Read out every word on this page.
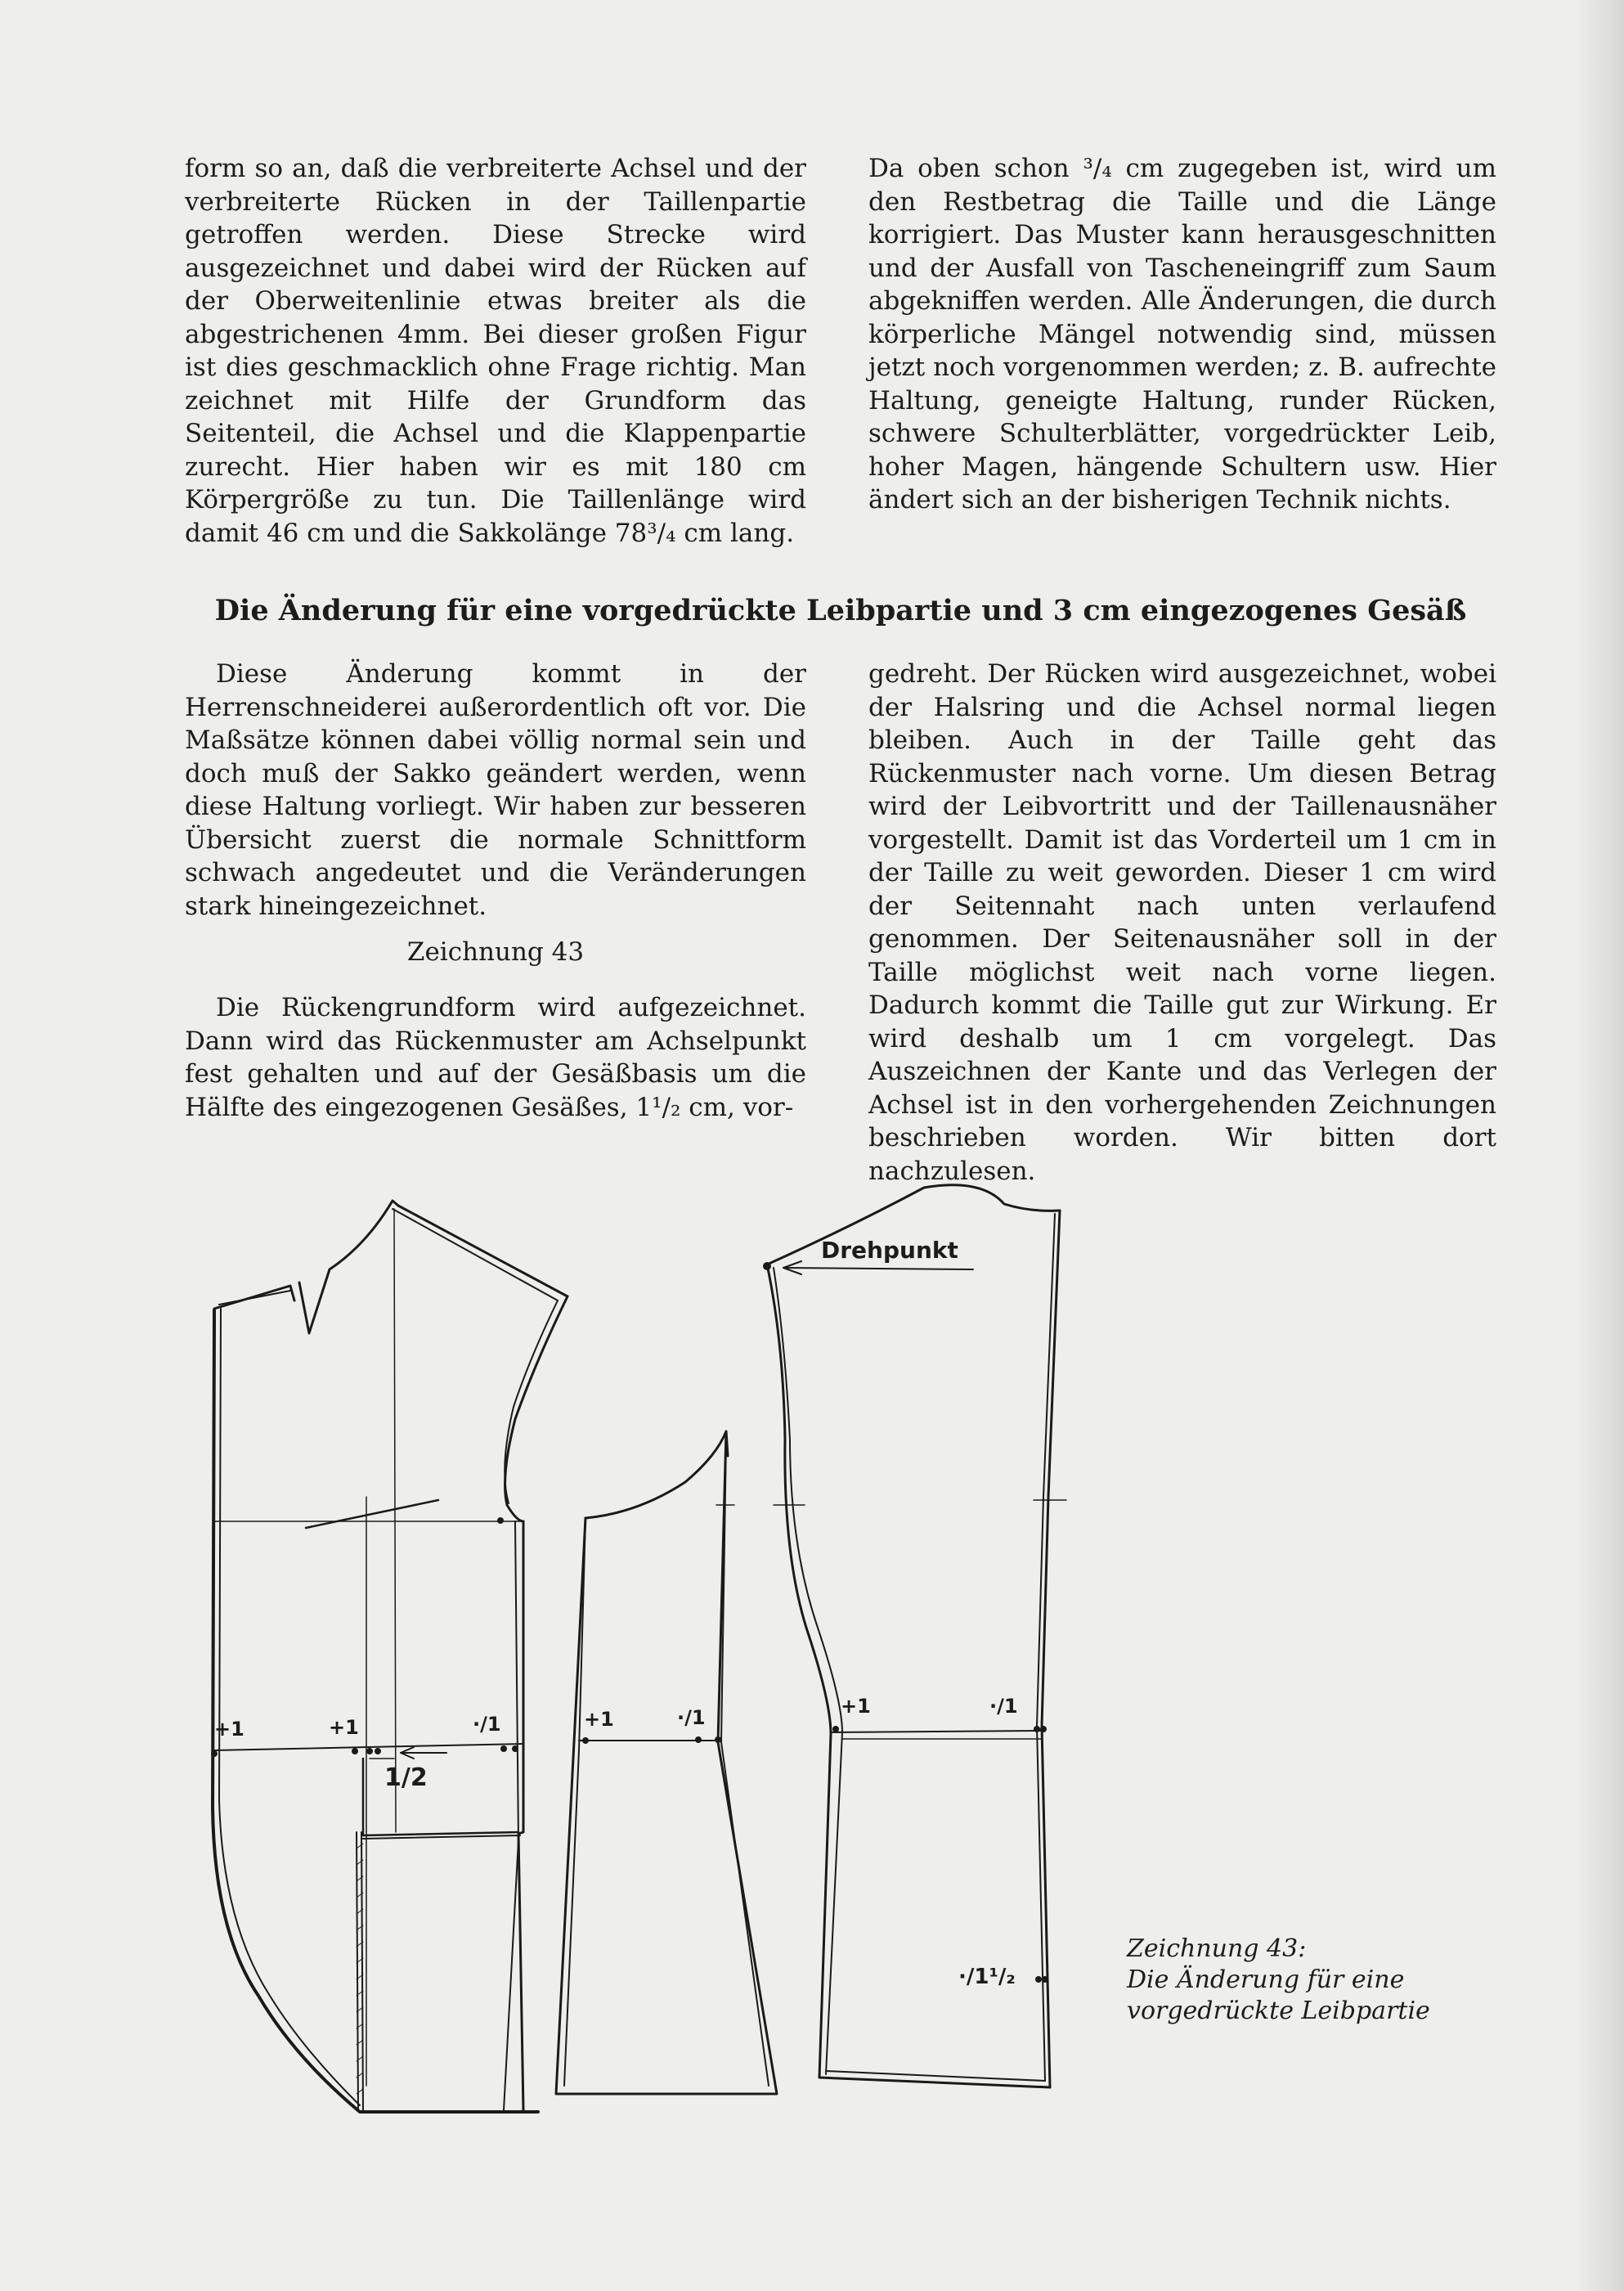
form so an, daß die verbreiterte Achsel und der verbreiterte Rücken in der Taillenpartie getroffen werden. Diese Strecke wird ausgezeichnet und dabei wird der Rücken auf der Oberweitenlinie etwas breiter als die abgestrichenen 4mm. Bei dieser großen Figur ist dies geschmacklich ohne Frage richtig. Man zeichnet mit Hilfe der Grundform das Seitenteil, die Achsel und die Klappenpartie zurecht. Hier haben wir es mit 180 cm Körpergröße zu tun. Die Taillenlänge wird damit 46 cm und die Sakkolänge 78³/₄ cm lang.

Da oben schon ³/₄ cm zugegeben ist, wird um den Restbetrag die Taille und die Länge korrigiert. Das Muster kann herausgeschnitten und der Ausfall von Tascheneingriff zum Saum abgekniffen werden. Alle Änderungen, die durch körperliche Mängel notwendig sind, müssen jetzt noch vorgenommen werden; z. B. aufrechte Haltung, geneigte Haltung, runder Rücken, schwere Schulterblätter, vorgedrückter Leib, hoher Magen, hängende Schultern usw. Hier ändert sich an der bisherigen Technik nichts.

Die Änderung für eine vorgedrückte Leibpartie und 3 cm eingezogenes Gesäß

Diese Änderung kommt in der Herrenschneiderei außerordentlich oft vor. Die Maßsätze können dabei völlig normal sein und doch muß der Sakko geändert werden, wenn diese Haltung vorliegt. Wir haben zur besseren Übersicht zuerst die normale Schnittform schwach angedeutet und die Veränderungen stark hineingezeichnet.

Zeichnung 43

Die Rückengrundform wird aufgezeichnet. Dann wird das Rückenmuster am Achselpunkt fest gehalten und auf der Gesäßbasis um die Hälfte des eingezogenen Gesäßes, 1¹/₂ cm, vor-

gedreht. Der Rücken wird ausgezeichnet, wobei der Halsring und die Achsel normal liegen bleiben. Auch in der Taille geht das Rückenmuster nach vorne. Um diesen Betrag wird der Leibvortritt und der Taillenausnäher vorgestellt. Damit ist das Vorderteil um 1 cm in der Taille zu weit geworden. Dieser 1 cm wird der Seitennaht nach unten verlaufend genommen. Der Seitenausnäher soll in der Taille möglichst weit nach vorne liegen. Dadurch kommt die Taille gut zur Wirkung. Er wird deshalb um 1 cm vorgelegt. Das Auszeichnen der Kante und das Verlegen der Achsel ist in den vorhergehenden Zeichnungen beschrieben worden. Wir bitten dort nachzulesen.

Drehpunkt
+1	+1	·/1
1/2
+1	·/1	+1	·/1
·/1¹/₂
Zeichnung 43:
Die Änderung für eine
vorgedrückte Leibpartie
